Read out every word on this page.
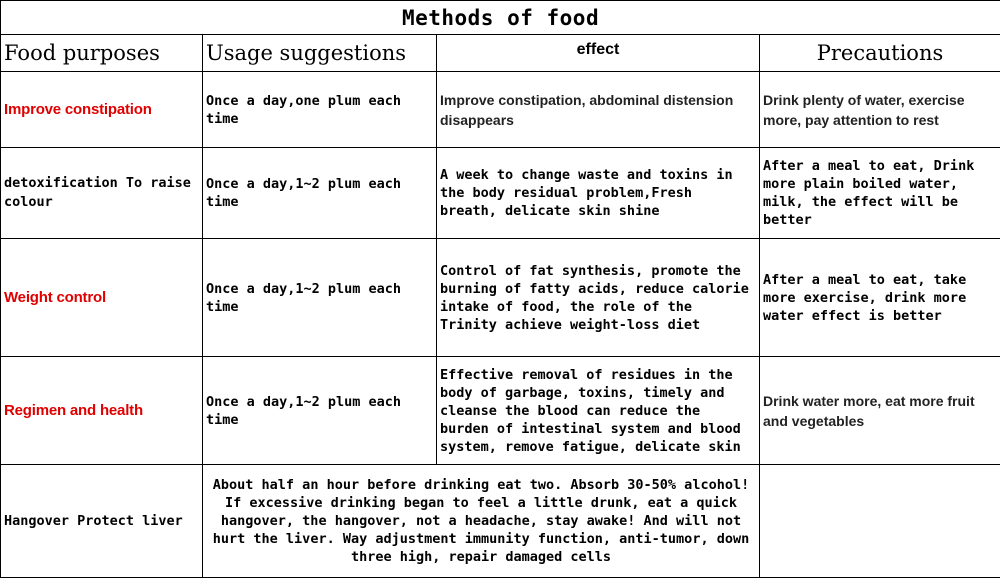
Methods of food			
Food purposes	Usage suggestions	effect	Precautions
Improve constipation	Once a day,one plum each time	Improve constipation, abdominal distension disappears	Drink plenty of water, exercise more, pay attention to rest
detoxification To raise colour	Once a day,1~2 plum each time	A week to change waste and toxins in the body residual problem,Fresh breath, delicate skin shine	After a meal to eat, Drink more plain boiled water, milk, the effect will be better
Weight control	Once a day,1~2 plum each time	Control of fat synthesis, promote the burning of fatty acids, reduce calorie intake of food, the role of the Trinity achieve weight-loss diet	After a meal to eat, take more exercise, drink more water effect is better
Regimen and health	Once a day,1~2 plum each time	Effective removal of residues in the body of garbage, toxins, timely and cleanse the blood can reduce the burden of intestinal system and blood system, remove fatigue, delicate skin	Drink water more, eat more fruit and vegetables
Hangover Protect liver	About half an hour before drinking eat two. Absorb 30-50% alcohol! If excessive drinking began to feel a little drunk, eat a quick hangover, the hangover, not a headache, stay awake! And will not hurt the liver. Way adjustment immunity function, anti-tumor, down three high, repair damaged cells		
